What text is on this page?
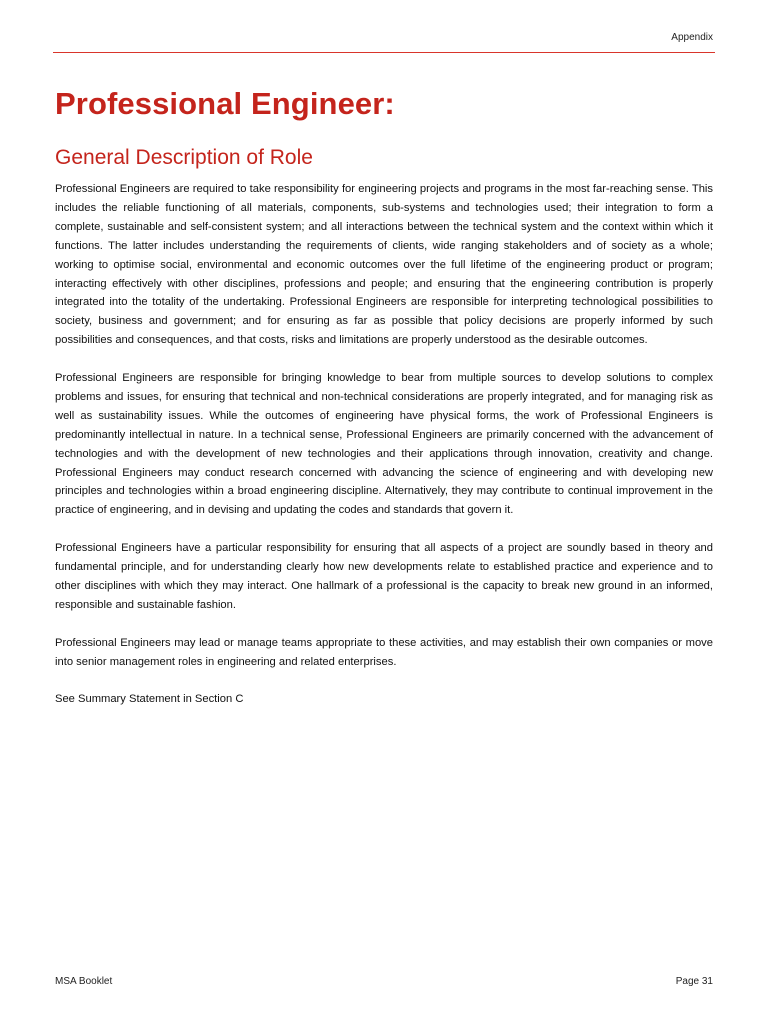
Appendix
Professional Engineer:
General Description of Role

Professional Engineers are required to take responsibility for engineering projects and programs in the most far-reaching sense. This includes the reliable functioning of all materials, components, sub-systems and technologies used; their integration to form a complete, sustainable and self-consistent system; and all interactions between the technical system and the context within which it functions. The latter includes understanding the requirements of clients, wide ranging stakeholders and of society as a whole; working to optimise social, environmental and economic outcomes over the full lifetime of the engineering product or program; interacting effectively with other disciplines, professions and people; and ensuring that the engineering contribution is properly integrated into the totality of the undertaking. Professional Engineers are responsible for interpreting technological possibilities to society, business and government; and for ensuring as far as possible that policy decisions are properly informed by such possibilities and consequences, and that costs, risks and limitations are properly understood as the desirable outcomes.

Professional Engineers are responsible for bringing knowledge to bear from multiple sources to develop solutions to complex problems and issues, for ensuring that technical and non-technical considerations are properly integrated, and for managing risk as well as sustainability issues. While the outcomes of engineering have physical forms, the work of Professional Engineers is predominantly intellectual in nature. In a technical sense, Professional Engineers are primarily concerned with the advancement of technologies and with the development of new technologies and their applications through innovation, creativity and change. Professional Engineers may conduct research concerned with advancing the science of engineering and with developing new principles and technologies within a broad engineering discipline. Alternatively, they may contribute to continual improvement in the practice of engineering, and in devising and updating the codes and standards that govern it.

Professional Engineers have a particular responsibility for ensuring that all aspects of a project are soundly based in theory and fundamental principle, and for understanding clearly how new developments relate to established practice and experience and to other disciplines with which they may interact. One hallmark of a professional is the capacity to break new ground in an informed, responsible and sustainable fashion.

Professional Engineers may lead or manage teams appropriate to these activities, and may establish their own companies or move into senior management roles in engineering and related enterprises.

See Summary Statement in Section C

MSA Booklet	Page 31
